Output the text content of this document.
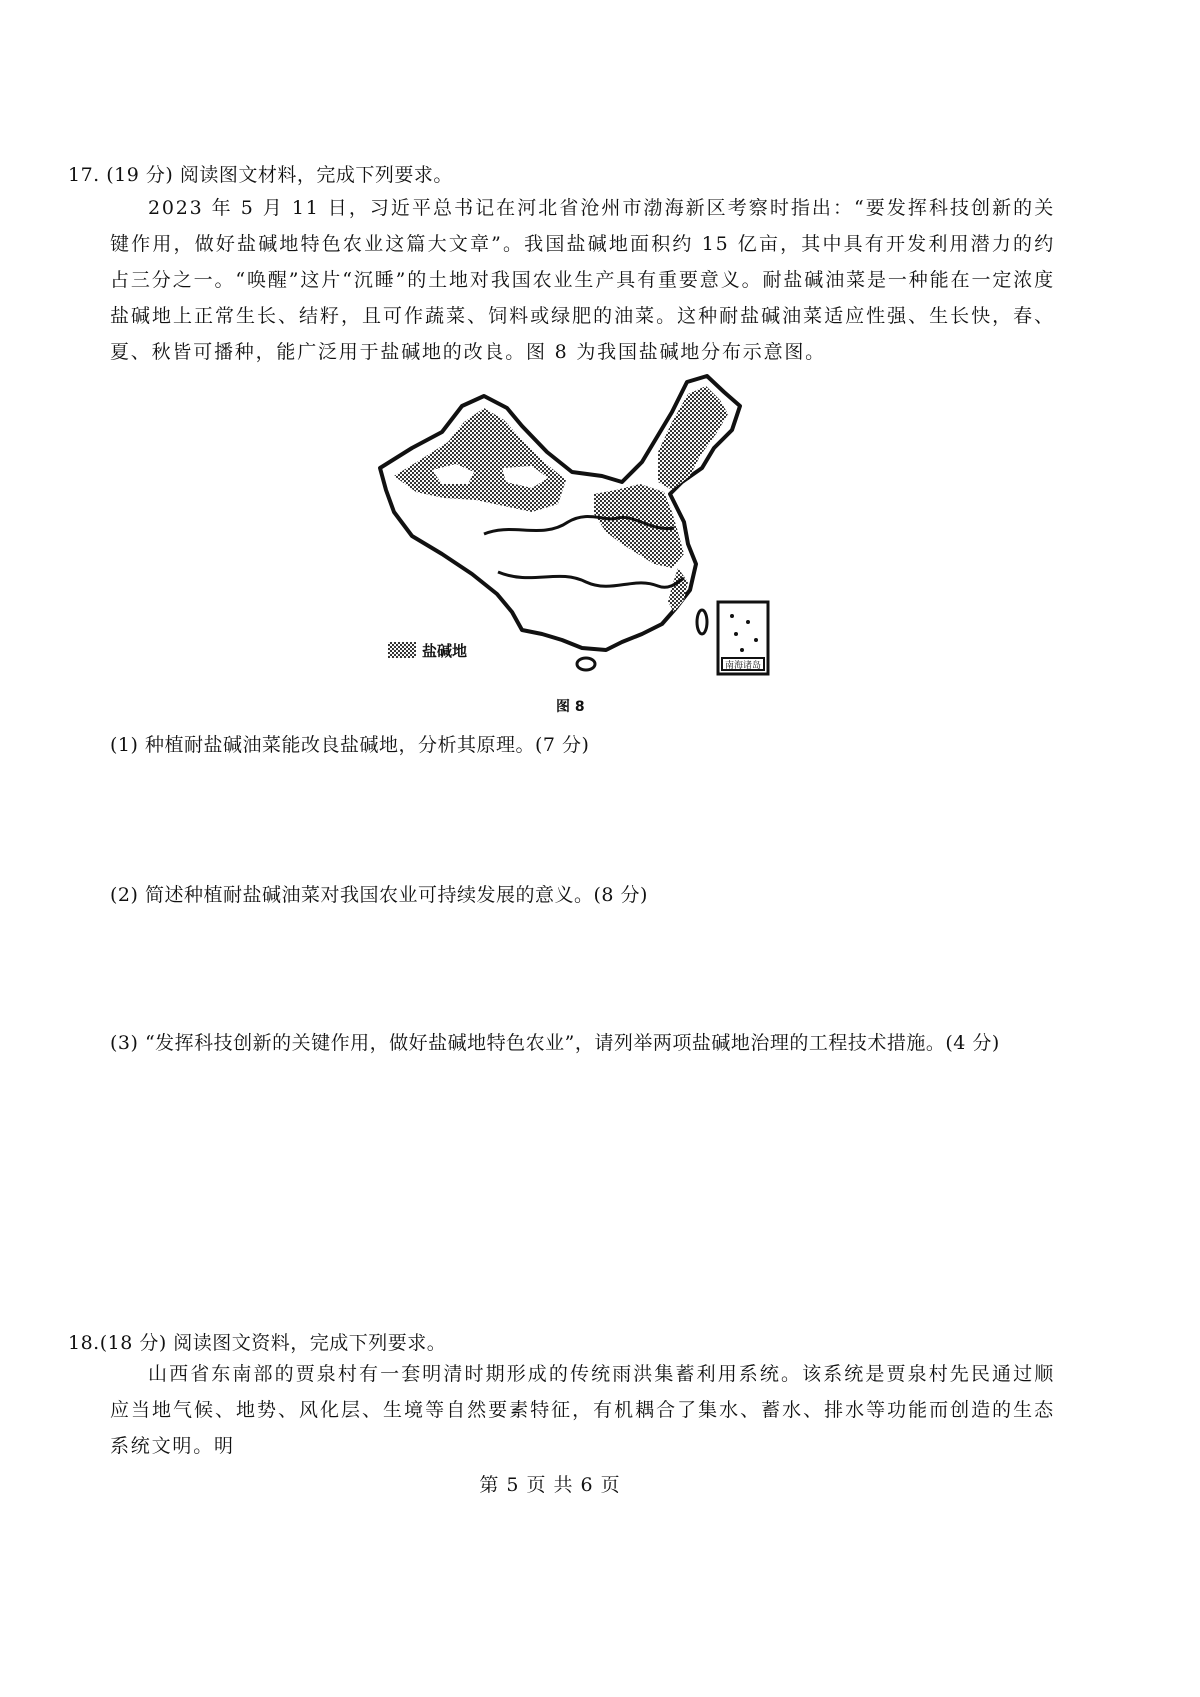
17. (19 分) 阅读图文材料，完成下列要求。

2023 年 5 月 11 日，习近平总书记在河北省沧州市渤海新区考察时指出：“要发挥科技创新的关键作用，做好盐碱地特色农业这篇大文章”。我国盐碱地面积约 15 亿亩，其中具有开发利用潜力的约占三分之一。“唤醒”这片“沉睡”的土地对我国农业生产具有重要意义。耐盐碱油菜是一种能在一定浓度盐碱地上正常生长、结籽，且可作蔬菜、饲料或绿肥的油菜。这种耐盐碱油菜适应性强、生长快，春、夏、秋皆可播种，能广泛用于盐碱地的改良。图 8 为我国盐碱地分布示意图。

南海诸岛
盐碱地
图 8
(1) 种植耐盐碱油菜能改良盐碱地，分析其原理。(7 分)
(2) 简述种植耐盐碱油菜对我国农业可持续发展的意义。(8 分)
(3) “发挥科技创新的关键作用，做好盐碱地特色农业”，请列举两项盐碱地治理的工程技术措施。(4 分)
18.(18 分) 阅读图文资料，完成下列要求。

山西省东南部的贾泉村有一套明清时期形成的传统雨洪集蓄利用系统。该系统是贾泉村先民通过顺应当地气候、地势、风化层、生境等自然要素特征，有机耦合了集水、蓄水、排水等功能而创造的生态系统文明。明

第 5 页 共 6 页
